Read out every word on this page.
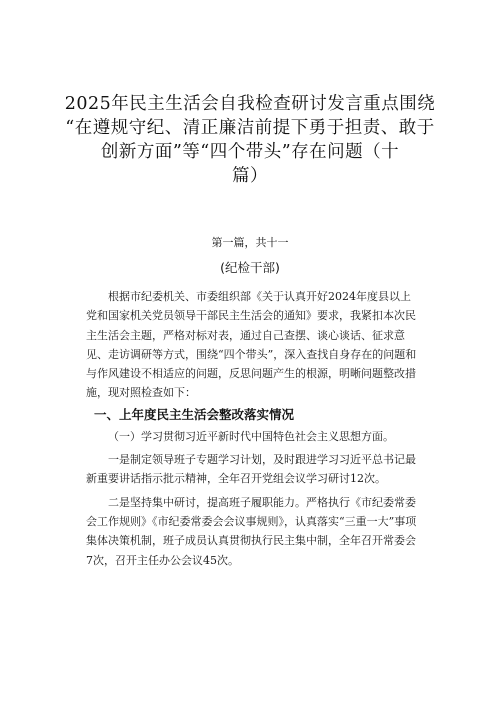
2025年民主生活会自我检查研讨发言重点围绕
“在遵规守纪、清正廉洁前提下勇于担责、敢于
创新方面”等“四个带头”存在问题（十
篇）
第一篇，共十一
(纪检干部)

根据市纪委机关、市委组织部《关于认真开好2024年度县以上党和国家机关党员领导干部民主生活会的通知》要求，我紧扣本次民主生活会主题，严格对标对表，通过自己查摆、谈心谈话、征求意见、走访调研等方式，围绕“四个带头”，深入查找自身存在的问题和与作风建设不相适应的问题，反思问题产生的根源，明晰问题整改措施，现对照检查如下：

一、上年度民主生活会整改落实情况

（一）学习贯彻习近平新时代中国特色社会主义思想方面。

一是制定领导班子专题学习计划，及时跟进学习习近平总书记最新重要讲话指示批示精神，全年召开党组会议学习研讨12次。

二是坚持集中研讨，提高班子履职能力。严格执行《市纪委常委会工作规则》《市纪委常委会会议事规则》，认真落实“三重一大”事项集体决策机制，班子成员认真贯彻执行民主集中制，全年召开常委会7次，召开主任办公会议45次。
